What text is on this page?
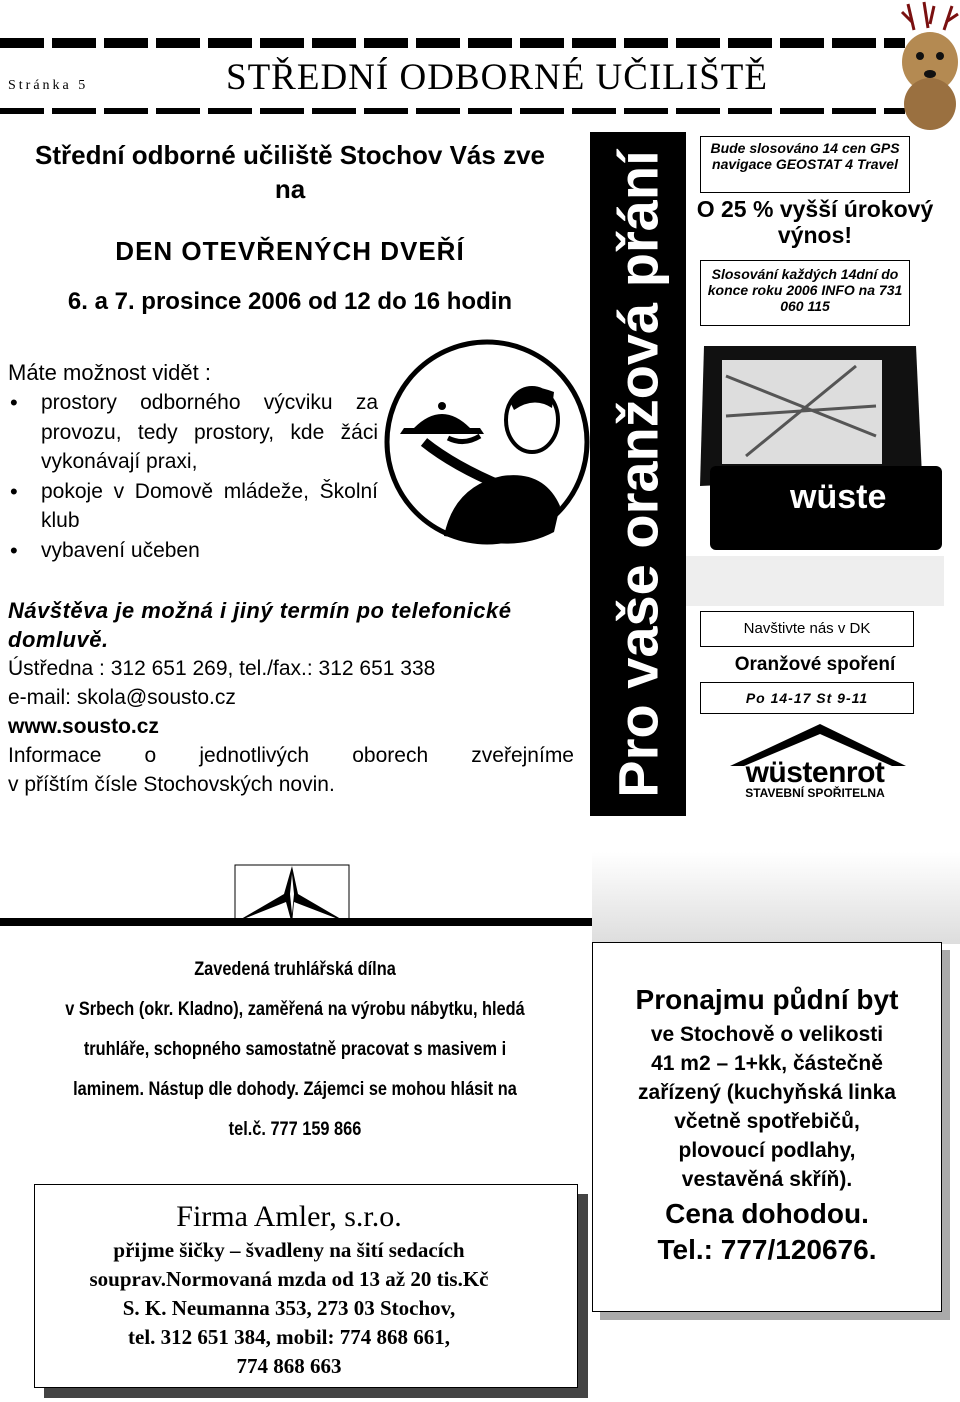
Stránka 5	STŘEDNÍ ODBORNÉ UČILIŠTĚ
Střední odborné učiliště Stochov Vás zve na
DEN OTEVŘENÝCH DVEŘÍ
6. a 7. prosince 2006 od 12 do 16 hodin
Máte možnost vidět :
• prostory odborného výcviku za provozu, tedy prostory, kde žáci vykonávají praxi,
• pokoje v Domově mládeže, Školní klub
• vybavení učeben
Návštěva je možná i jiný termín po telefonické domluvě.
Ústředna : 312 651 269, tel./fax.: 312 651 338
e-mail: skola@sousto.cz
www.sousto.cz
Informace o jednotlivých oborech zveřejníme
v příštím čísle Stochovských novin.	Pro vaše oranžová přání
Bude slosováno 14 cen GPS navigace GEOSTAT 4 Travel
O 25 % vyšší úrokový výnos!
Slosování každých 14dní do konce roku 2006 INFO na 731 060 115
wüste
Navštivte nás v DK
Oranžové spoření
Po 14-17 St 9-11
wüstenrot
STAVEBNÍ SPOŘITELNA
Zavedená truhlářská dílna
v Srbech (okr. Kladno), zaměřená na výrobu nábytku, hledá
truhláře, schopného samostatně pracovat s masivem i
laminem. Nástup dle dohody. Zájemci se mohou hlásit na
tel.č. 777 159 866
Firma Amler, s.r.o.
přijme šičky – švadleny na šití sedacích
souprav.Normovaná mzda od 13 až 20 tis.Kč
S. K. Neumanna 353, 273 03 Stochov,
tel. 312 651 384, mobil: 774 868 661,
774 868 663
Pronajmu půdní byt
ve Stochově o velikosti
41 m2 – 1+kk, částečně
zařízený (kuchyňská linka
včetně spotřebičů,
plovoucí podlahy,
vestavěná skříň).
Cena dohodou.
Tel.: 777/120676.
